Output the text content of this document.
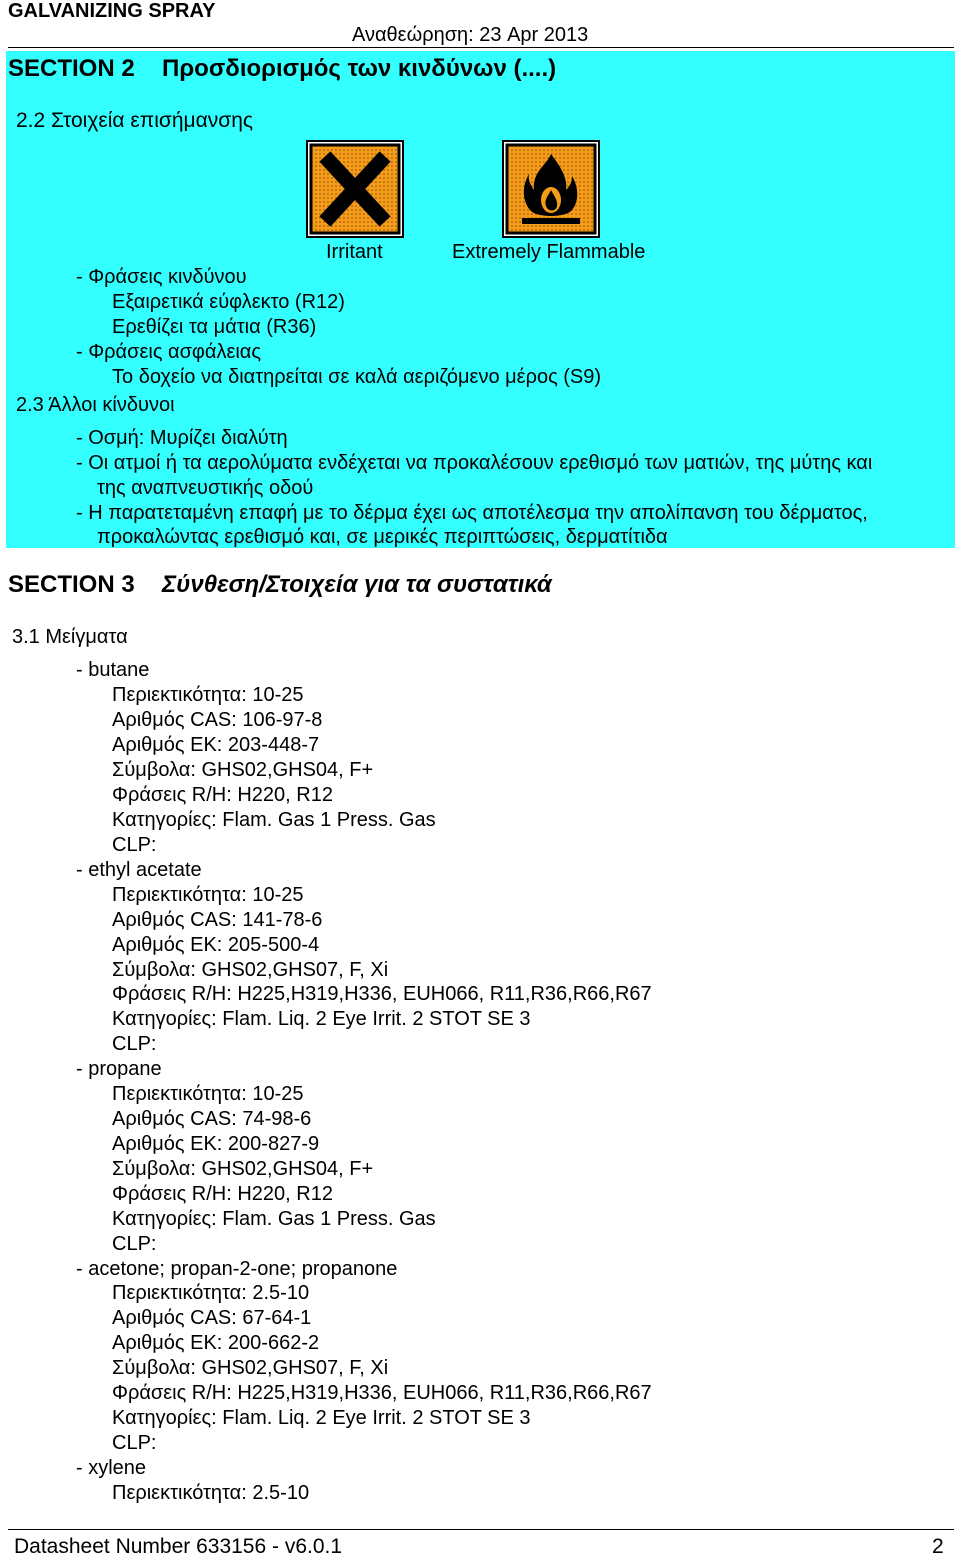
GALVANIZING SPRAY
Αναθεώρηση: 23 Apr 2013
SECTION 2 Προσδιορισμός των κινδύνων (....)
2.2 Στοιχεία επισήμανσης
Irritant	Extremely Flammable
- Φράσεις κινδύνου
Εξαιρετικά εύφλεκτο (R12)
Ερεθίζει τα μάτια (R36)
- Φράσεις ασφάλειας
Το δοχείο να διατηρείται σε καλά αεριζόμενο μέρος (S9)
2.3 Άλλοι κίνδυνοι
- Οσμή: Μυρίζει διαλύτη
- Οι ατμοί ή τα αερολύματα ενδέχεται να προκαλέσουν ερεθισμό των ματιών, της μύτης και
της αναπνευστικής οδού
- Η παρατεταμένη επαφή με το δέρμα έχει ως αποτέλεσμα την απολίπανση του δέρματος,
προκαλώντας ερεθισμό και, σε μερικές περιπτώσεις, δερματίτιδα
SECTION 3 Σύνθεση/Στοιχεία για τα συστατικά
3.1 Μείγματα
- butane
Περιεκτικότητα: 10-25
Αριθμός CAS: 106-97-8
Αριθμός ΕΚ: 203-448-7
Σύμβολα: GHS02,GHS04, F+
Φράσεις R/H: H220, R12
Κατηγορίες: Flam. Gas 1 Press. Gas
CLP:
- ethyl acetate
Περιεκτικότητα: 10-25
Αριθμός CAS: 141-78-6
Αριθμός ΕΚ: 205-500-4
Σύμβολα: GHS02,GHS07, F, Xi
Φράσεις R/H: H225,H319,H336, EUH066, R11,R36,R66,R67
Κατηγορίες: Flam. Liq. 2 Eye Irrit. 2 STOT SE 3
CLP:
- propane
Περιεκτικότητα: 10-25
Αριθμός CAS: 74-98-6
Αριθμός ΕΚ: 200-827-9
Σύμβολα: GHS02,GHS04, F+
Φράσεις R/H: H220, R12
Κατηγορίες: Flam. Gas 1 Press. Gas
CLP:
- acetone; propan-2-one; propanone
Περιεκτικότητα: 2.5-10
Αριθμός CAS: 67-64-1
Αριθμός ΕΚ: 200-662-2
Σύμβολα: GHS02,GHS07, F, Xi
Φράσεις R/H: H225,H319,H336, EUH066, R11,R36,R66,R67
Κατηγορίες: Flam. Liq. 2 Eye Irrit. 2 STOT SE 3
CLP:
- xylene
Περιεκτικότητα: 2.5-10
Datasheet Number 633156 - v6.0.1	2
